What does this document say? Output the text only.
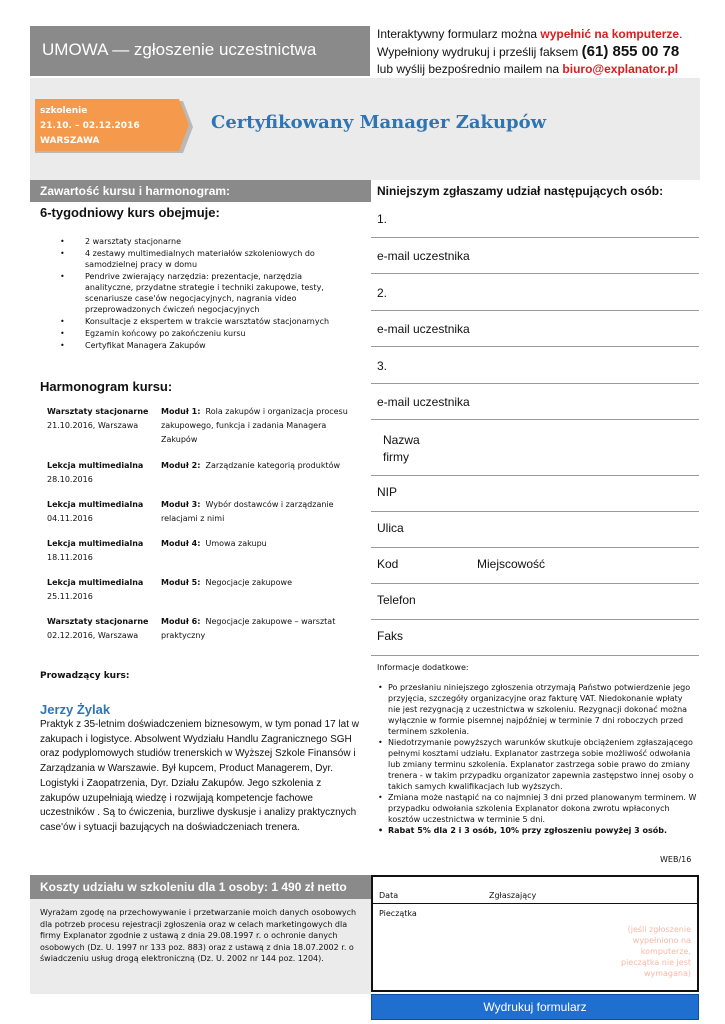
UMOWA — zgłoszenie uczestnictwa
Interaktywny formularz można wypełnić na komputerze.
Wypełniony wydrukuj i prześlij faksem (61) 855 00 78
lub wyślij bezpośrednio mailem na biuro@explanator.pl
szkolenie
21.10. – 02.12.2016
WARSZAWA
Certyfikowany Manager Zakupów
Zawartość kursu i harmonogram:
6-tygodniowy kurs obejmuje:
• 2 warsztaty stacjonarne
• 4 zestawy multimedialnych materiałów szkoleniowych do samodzielnej pracy w domu
• Pendrive zwierający narzędzia: prezentacje, narzędzia analityczne, przydatne strategie i techniki zakupowe, testy, scenariusze case'ów negocjacyjnych, nagrania video przeprowadzonych ćwiczeń negocjacyjnych
• Konsultacje z ekspertem w trakcie warsztatów stacjonarnych
• Egzamin końcowy po zakończeniu kursu
• Certyfikat Managera Zakupów
Harmonogram kursu:
Warsztaty stacjonarne
21.10.2016, Warszawa
Moduł 1: Rola zakupów i organizacja procesu zakupowego, funkcja i zadania Managera Zakupów
Lekcja multimedialna
28.10.2016
Moduł 2: Zarządzanie kategorią produktów
Lekcja multimedialna
04.11.2016
Moduł 3: Wybór dostawców i zarządzanie relacjami z nimi
Lekcja multimedialna
18.11.2016
Moduł 4: Umowa zakupu
Lekcja multimedialna
25.11.2016
Moduł 5: Negocjacje zakupowe
Warsztaty stacjonarne
02.12.2016, Warszawa
Moduł 6: Negocjacje zakupowe – warsztat praktyczny
Prowadzący kurs:
Jerzy Żylak
Praktyk z 35-letnim doświadczeniem biznesowym, w tym ponad 17 lat w zakupach i logistyce. Absolwent Wydziału Handlu Zagranicznego SGH oraz podyplomowych studiów trenerskich w Wyższej Szkole Finansów i Zarządzania w Warszawie. Był kupcem, Product Managerem, Dyr. Logistyki i Zaopatrzenia, Dyr. Działu Zakupów. Jego szkolenia z zakupów uzupełniają wiedzę i rozwijają kompetencje fachowe uczestników . Są to ćwiczenia, burzliwe dyskusje i analizy praktycznych case'ów i sytuacji bazujących na doświadczeniach trenera.
Niniejszym zgłaszamy udział następujących osób:
1.
e-mail uczestnika
2.
e-mail uczestnika
3.
e-mail uczestnika
Nazwa

firmy
NIP
Ulica
Kod	Miejscowość
Telefon
Faks
Informacje dodatkowe:
• Po przesłaniu niniejszego zgłoszenia otrzymają Państwo potwierdzenie jego przyjęcia, szczegóły organizacyjne oraz fakturę VAT. Niedokonanie wpłaty nie jest rezygnacją z uczestnictwa w szkoleniu. Rezygnacji dokonać można wyłącznie w formie pisemnej najpóźniej w terminie 7 dni roboczych przed terminem szkolenia.
• Niedotrzymanie powyższych warunków skutkuje obciążeniem zgłaszającego pełnymi kosztami udziału. Explanator zastrzega sobie możliwość odwołania lub zmiany terminu szkolenia. Explanator zastrzega sobie prawo do zmiany trenera - w takim przypadku organizator zapewnia zastępstwo innej osoby o takich samych kwalifikacjach lub wyższych.
• Zmiana może nastąpić na co najmniej 3 dni przed planowanym terminem. W przypadku odwołania szkolenia Explanator dokona zwrotu wpłaconych kosztów uczestnictwa w terminie 5 dni.
• Rabat 5% dla 2 i 3 osób, 10% przy zgłoszeniu powyżej 3 osób.
WEB/16
Koszty udziału w szkoleniu dla 1 osoby: 1 490 zł netto
Wyrażam zgodę na przechowywanie i przetwarzanie moich danych osobowych dla potrzeb procesu rejestracji zgłoszenia oraz w celach marketingowych dla firmy Explanator zgodnie z ustawą z dnia 29.08.1997 r. o ochronie danych osobowych (Dz. U. 1997 nr 133 poz. 883) oraz z ustawą z dnia 18.07.2002 r. o świadczeniu usług drogą elektroniczną (Dz. U. 2002 nr 144 poz. 1204).
Data	Zgłaszający
Pieczątka
(jeśli zgłoszenie wypełniono na komputerze, pieczątka nie jest wymagana)
Wydrukuj formularz
